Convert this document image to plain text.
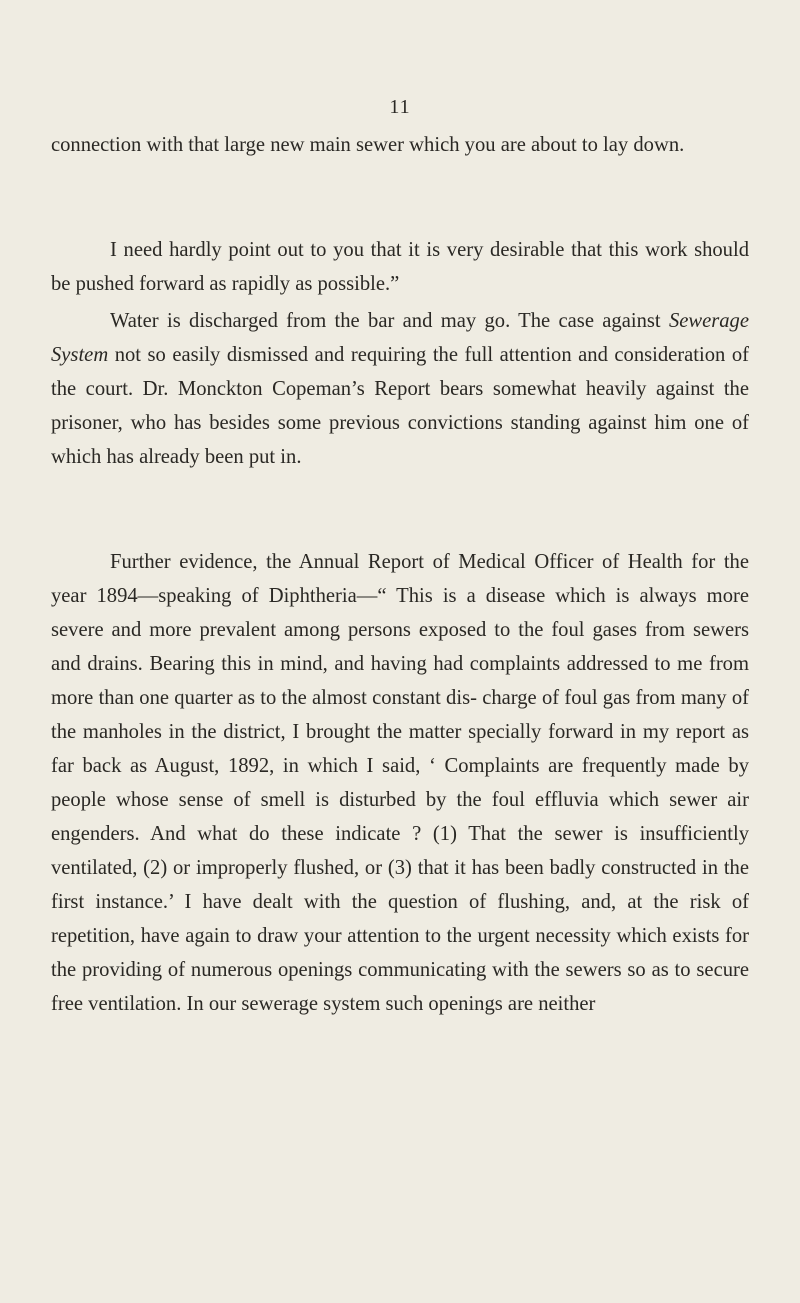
11

connection with that large new main sewer which you are about to lay down.

I need hardly point out to you that it is very desirable that this work should be pushed forward as rapidly as possible.”

Water is discharged from the bar and may go. The case against Sewerage System not so easily dismissed and requiring the full attention and consideration of the court. Dr. Monckton Copeman’s Report bears somewhat heavily against the prisoner, who has besides some previous convictions standing against him one of which has already been put in.

Further evidence, the Annual Report of Medical Officer of Health for the year 1894—speaking of Diphtheria—“ This is a disease which is always more severe and more prevalent among persons exposed to the foul gases from sewers and drains. Bearing this in mind, and having had complaints addressed to me from more than one quarter as to the almost constant dis- charge of foul gas from many of the manholes in the district, I brought the matter specially forward in my report as far back as August, 1892, in which I said, ‘ Complaints are frequently made by people whose sense of smell is disturbed by the foul effluvia which sewer air engenders. And what do these indicate ? (1) That the sewer is insufficiently ventilated, (2) or improperly flushed, or (3) that it has been badly constructed in the first instance.’ I have dealt with the question of flushing, and, at the risk of repetition, have again to draw your attention to the urgent necessity which exists for the providing of numerous openings communicating with the sewers so as to secure free ventilation. In our sewerage system such openings are neither
